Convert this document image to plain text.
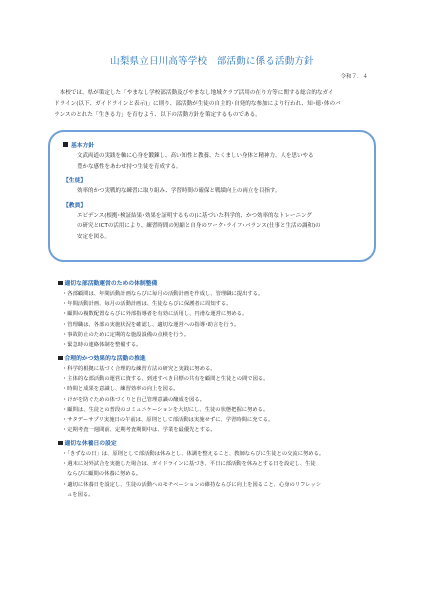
山梨県立日川高等学校　部活動に係る活動方針
令和７．４

本校では、県が策定した「やまなし学校部活動及びやまなし地域クラブ活用の在り方等に関する総合的なガイ

ドライン(以下、ガイドラインと表示)」に則り、部活動が生徒の自主的･自発的な参加により行われ、知･徳･体のバ
ランスのとれた「生きる力」を育むよう、以下の活動方針を策定するものである。
基本方針
文武両道の実践を軸に心身を鍛錬し、高い知性と教養、たくましい身体と精神力、人を思いやる
豊かな感性をあわせ持つ生徒を育成する。
【生徒】
効率的かつ実戦的な練習に取り組み、学習時間の確保と戦績向上の両立を目指す。
【教員】
エビデンス(根拠･検証結果･効果を証明するもの)に基づいた科学的、かつ効率的なトレーニング
の研究とICTの活用により、練習時間の短縮と自身のワーク･ライフ･バランス(仕事と生活の調和)の
安定を図る。
適切な部活動運営のための体制整備
・各部顧問は、年間活動計画ならびに毎月の活動計画を作成し、管理職に提出する。
・年間活動計画、毎月の活動計画は、生徒ならびに保護者に周知する。
・顧問の複数配置ならびに外部指導者を有効に活用し、円滑な運営に努める。
・管理職は、各部の実施状況を確認し、適切な運営への指導･助言を行う。
・事故防止のために定期的な施設設備の点検を行う。
・緊急時の連絡体制を整備する。
合理的かつ効果的な活動の推進
・科学的根拠に基づく合理的な練習方法の研究と実践に努める。
・主体的な部活動の運営に資する、到達すべき目標の共有を顧問と生徒との間で図る。
・時間と成果を意識し、練習効率の向上を図る。
・けがを防ぐための体づくりと自己管理意識の醸成を図る。
・顧問は、生徒との普段のコミュニケーションを大切にし、生徒の状態把握に努める。
・サタデーサプリ実施日の午前は、原則として部活動は実施せずに、学習時間に充てる。
・定期考査一週間前、定期考査期間中は、学業を最優先とする。
適切な休養日の設定
・「きずなの日」は、原則として部活動は休みとし、体調を整えること、教師ならびに生徒との交流に努める。
・週末に対外試合を実施した場合は、ガイドラインに基づき、平日に部活動を休みとする日を設定し、生徒
ならびに顧問の休養に努める。
・適切に休養日を設定し、生徒の活動へのモチベーションの維持ならびに向上を図ること、心身のリフレッシ
ュを図る。
